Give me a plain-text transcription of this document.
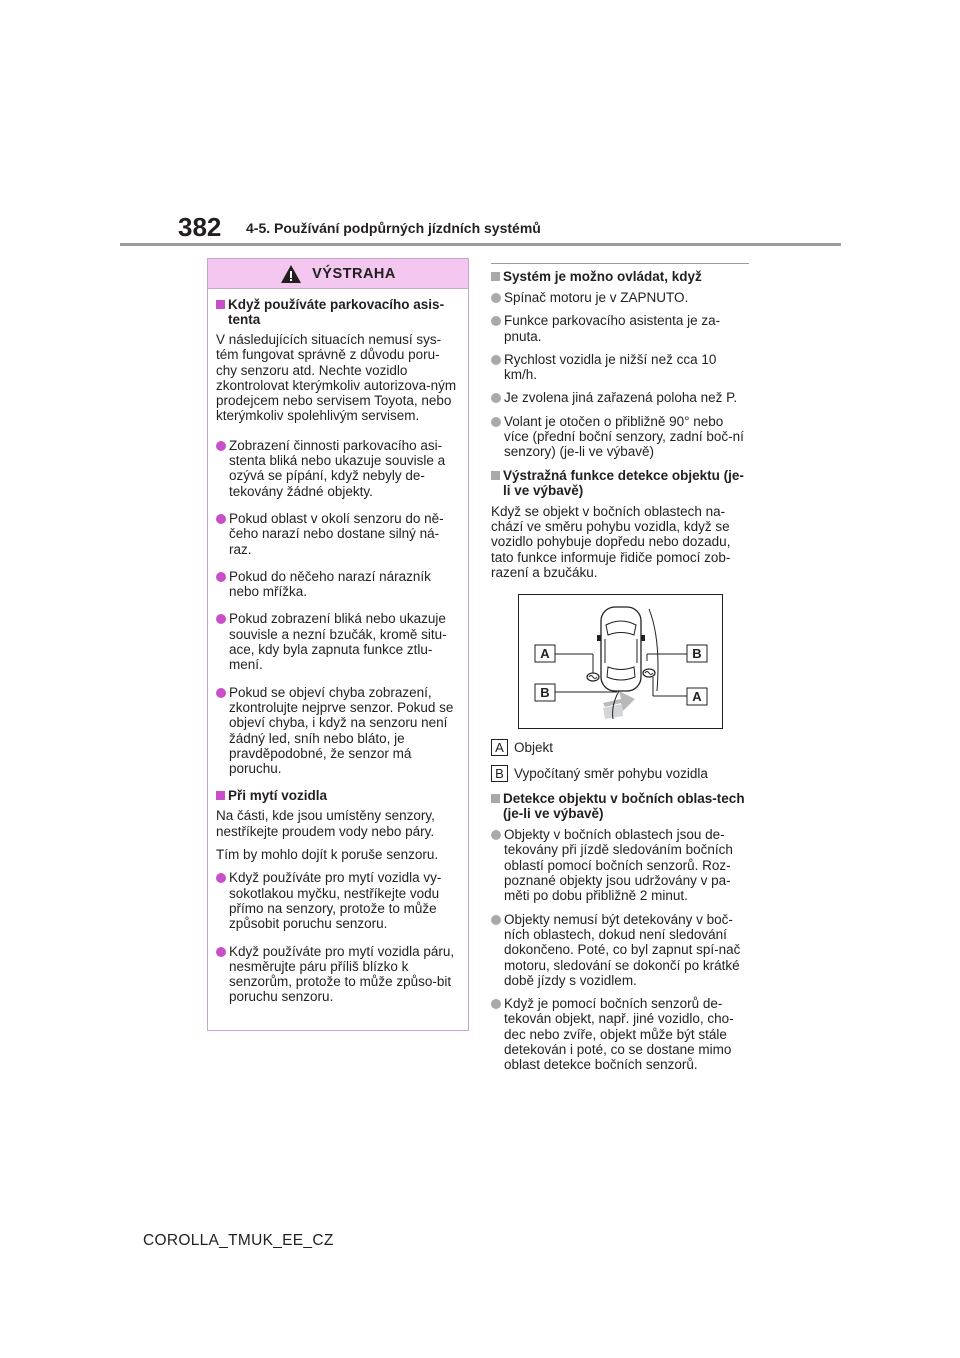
382 4-5. Používání podpůrných jízdních systémů
VÝSTRAHA
Když používáte parkovacího asis-tenta
V následujících situacích nemusí sys-tém fungovat správně z důvodu poru-chy senzoru atd. Nechte vozidlo zkontrolovat kterýmkoliv autorizova-ným prodejcem nebo servisem Toyota, nebo kterýmkoliv spolehlivým servisem.
Zobrazení činnosti parkovacího asi-stenta bliká nebo ukazuje souvisle a ozývá se pípání, když nebyly de-tekovány žádné objekty.
Pokud oblast v okolí senzoru do ně-čeho narazí nebo dostane silný ná-raz.
Pokud do něčeho narazí nárazník nebo mřížka.
Pokud zobrazení bliká nebo ukazuje souvisle a nezní bzučák, kromě situ-ace, kdy byla zapnuta funkce ztlu-mení.
Pokud se objeví chyba zobrazení, zkontrolujte nejprve senzor. Pokud se objeví chyba, i když na senzoru není žádný led, sníh nebo bláto, je pravděpodobné, že senzor má poruchu.
Při mytí vozidla
Na části, kde jsou umístěny senzory, nestříkejte proudem vody nebo páry.
Tím by mohlo dojít k poruše senzoru.
Když používáte pro mytí vozidla vy-sokotlakou myčku, nestříkejte vodu přímo na senzory, protože to může způsobit poruchu senzoru.
Když používáte pro mytí vozidla páru, nesměrujte páru příliš blízko k senzorům, protože to může způso-bit poruchu senzoru.
Systém je možno ovládat, když
Spínač motoru je v ZAPNUTO.
Funkce parkovacího asistenta je za-pnuta.
Rychlost vozidla je nižší než cca 10 km/h.
Je zvolena jiná zařazená poloha než P.
Volant je otočen o přibližně 90° nebo více (přední boční senzory, zadní boč-ní senzory) (je-li ve výbavě)
Výstražná funkce detekce objektu (je-li ve výbavě)
Když se objekt v bočních oblastech na-chází ve směru pohybu vozidla, když se vozidlo pohybuje dopředu nebo dozadu, tato funkce informuje řidiče pomocí zob-razení a bzučáku.
A
B
B
A
A Objekt
B Vypočítaný směr pohybu vozidla
Detekce objektu v bočních oblas-tech (je-li ve výbavě)
Objekty v bočních oblastech jsou de-tekovány při jízdě sledováním bočních oblastí pomocí bočních senzorů. Roz-poznané objekty jsou udržovány v pa-měti po dobu přibližně 2 minut.
Objekty nemusí být detekovány v boč-ních oblastech, dokud není sledování dokončeno. Poté, co byl zapnut spí-nač motoru, sledování se dokončí po krátké době jízdy s vozidlem.
Když je pomocí bočních senzorů de-tekován objekt, např. jiné vozidlo, cho-dec nebo zvíře, objekt může být stále detekován i poté, co se dostane mimo oblast detekce bočních senzorů.
COROLLA_TMUK_EE_CZ
